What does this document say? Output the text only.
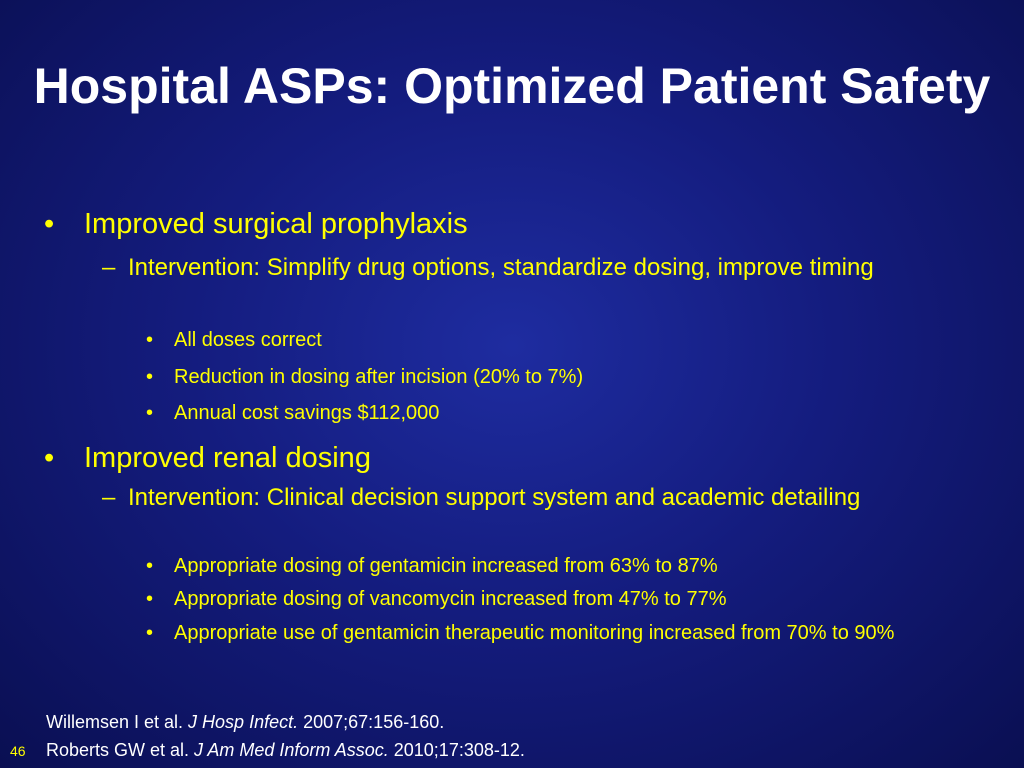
Hospital ASPs: Optimized Patient Safety
• Improved surgical prophylaxis
– Intervention: Simplify drug options, standardize dosing, improve timing
• All doses correct
• Reduction in dosing after incision (20% to 7%)
• Annual cost savings $112,000
• Improved renal dosing
– Intervention: Clinical decision support system and academic detailing
• Appropriate dosing of gentamicin increased from 63% to 87%
• Appropriate dosing of vancomycin increased from 47% to 77%
• Appropriate use of gentamicin therapeutic monitoring increased from 70% to 90%
Willemsen I et al. J Hosp Infect. 2007;67:156-160.
Roberts GW et al. J Am Med Inform Assoc. 2010;17:308-12.
46
